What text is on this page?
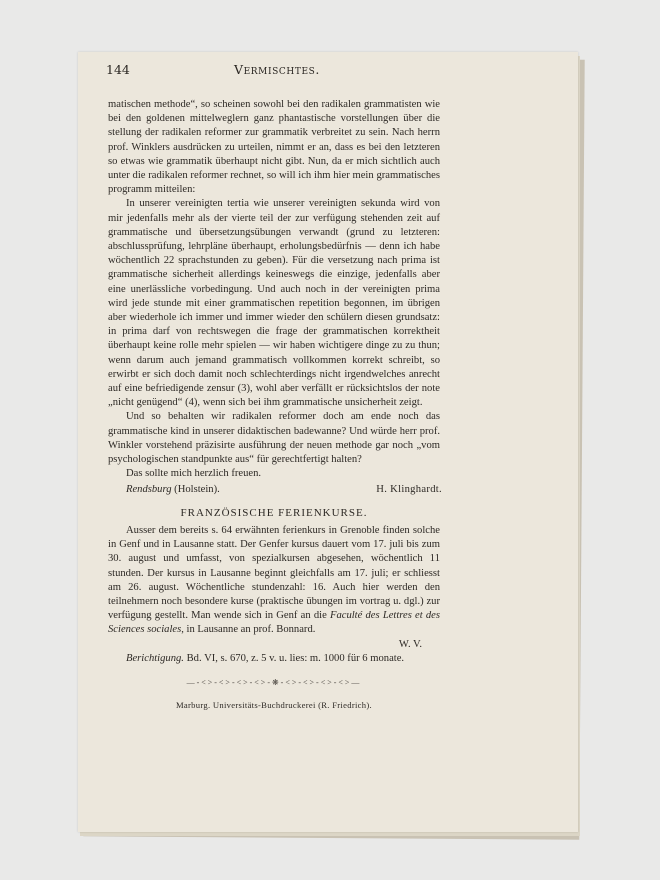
144	Vermischtes.

matischen methode“, so scheinen sowohl bei den radikalen grammatisten wie bei den goldenen mittelweglern ganz phantastische vorstellungen über die stellung der radikalen reformer zur grammatik verbreitet zu sein. Nach herrn prof. Winklers ausdrücken zu urteilen, nimmt er an, dass es bei den letzteren so etwas wie grammatik überhaupt nicht gibt. Nun, da er mich sichtlich auch unter die radikalen reformer rechnet, so will ich ihm hier mein grammatisches programm mitteilen:

In unserer vereinigten tertia wie unserer vereinigten sekunda wird von mir jedenfalls mehr als der vierte teil der zur verfügung stehenden zeit auf grammatische und übersetzungsübungen verwandt (grund zu letzteren: abschlussprüfung, lehrpläne überhaupt, erholungsbedürfnis — denn ich habe wöchentlich 22 sprachstunden zu geben). Für die versetzung nach prima ist grammatische sicherheit allerdings keineswegs die einzige, jedenfalls aber eine unerlässliche vorbedingung. Und auch noch in der vereinigten prima wird jede stunde mit einer grammatischen repetition begonnen, im übrigen aber wiederhole ich immer und immer wieder den schülern diesen grundsatz: in prima darf von rechtswegen die frage der grammatischen korrektheit überhaupt keine rolle mehr spielen — wir haben wichtigere dinge zu zu thun; wenn darum auch jemand grammatisch vollkommen korrekt schreibt, so erwirbt er sich doch damit noch schlechterdings nicht irgendwelches anrecht auf eine befriedigende zensur (3), wohl aber verfällt er rücksichtslos der note „nicht genügend“ (4), wenn sich bei ihm grammatische unsicherheit zeigt.

Und so behalten wir radikalen reformer doch am ende noch das grammatische kind in unserer didaktischen badewanne? Und würde herr prof. Winkler vorstehend präzisirte ausführung der neuen methode gar noch „vom psychologischen standpunkte aus“ für gerechtfertigt halten?

Das sollte mich herzlich freuen.

Rendsburg (Holstein).	H. Klinghardt.
FRANZÖSISCHE FERIENKURSE.

Ausser dem bereits s. 64 erwähnten ferienkurs in Grenoble finden solche in Genf und in Lausanne statt. Der Genfer kursus dauert vom 17. juli bis zum 30. august und umfasst, von spezialkursen abgesehen, wöchentlich 11 stunden. Der kursus in Lausanne beginnt gleichfalls am 17. juli; er schliesst am 26. august. Wöchentliche stundenzahl: 16. Auch hier werden den teilnehmern noch besondere kurse (praktische übungen im vortrag u. dgl.) zur verfügung gestellt. Man wende sich in Genf an die Faculté des Lettres et des Sciences sociales, in Lausanne an prof. Bonnard.

W. V.

Berichtigung. Bd. VI, s. 670, z. 5 v. u. lies: m. 1000 für 6 monate.

—-<>-<>-<>-<>-❋-<>-<>-<>-<>—
Marburg. Universitäts-Buchdruckerei (R. Friedrich).
